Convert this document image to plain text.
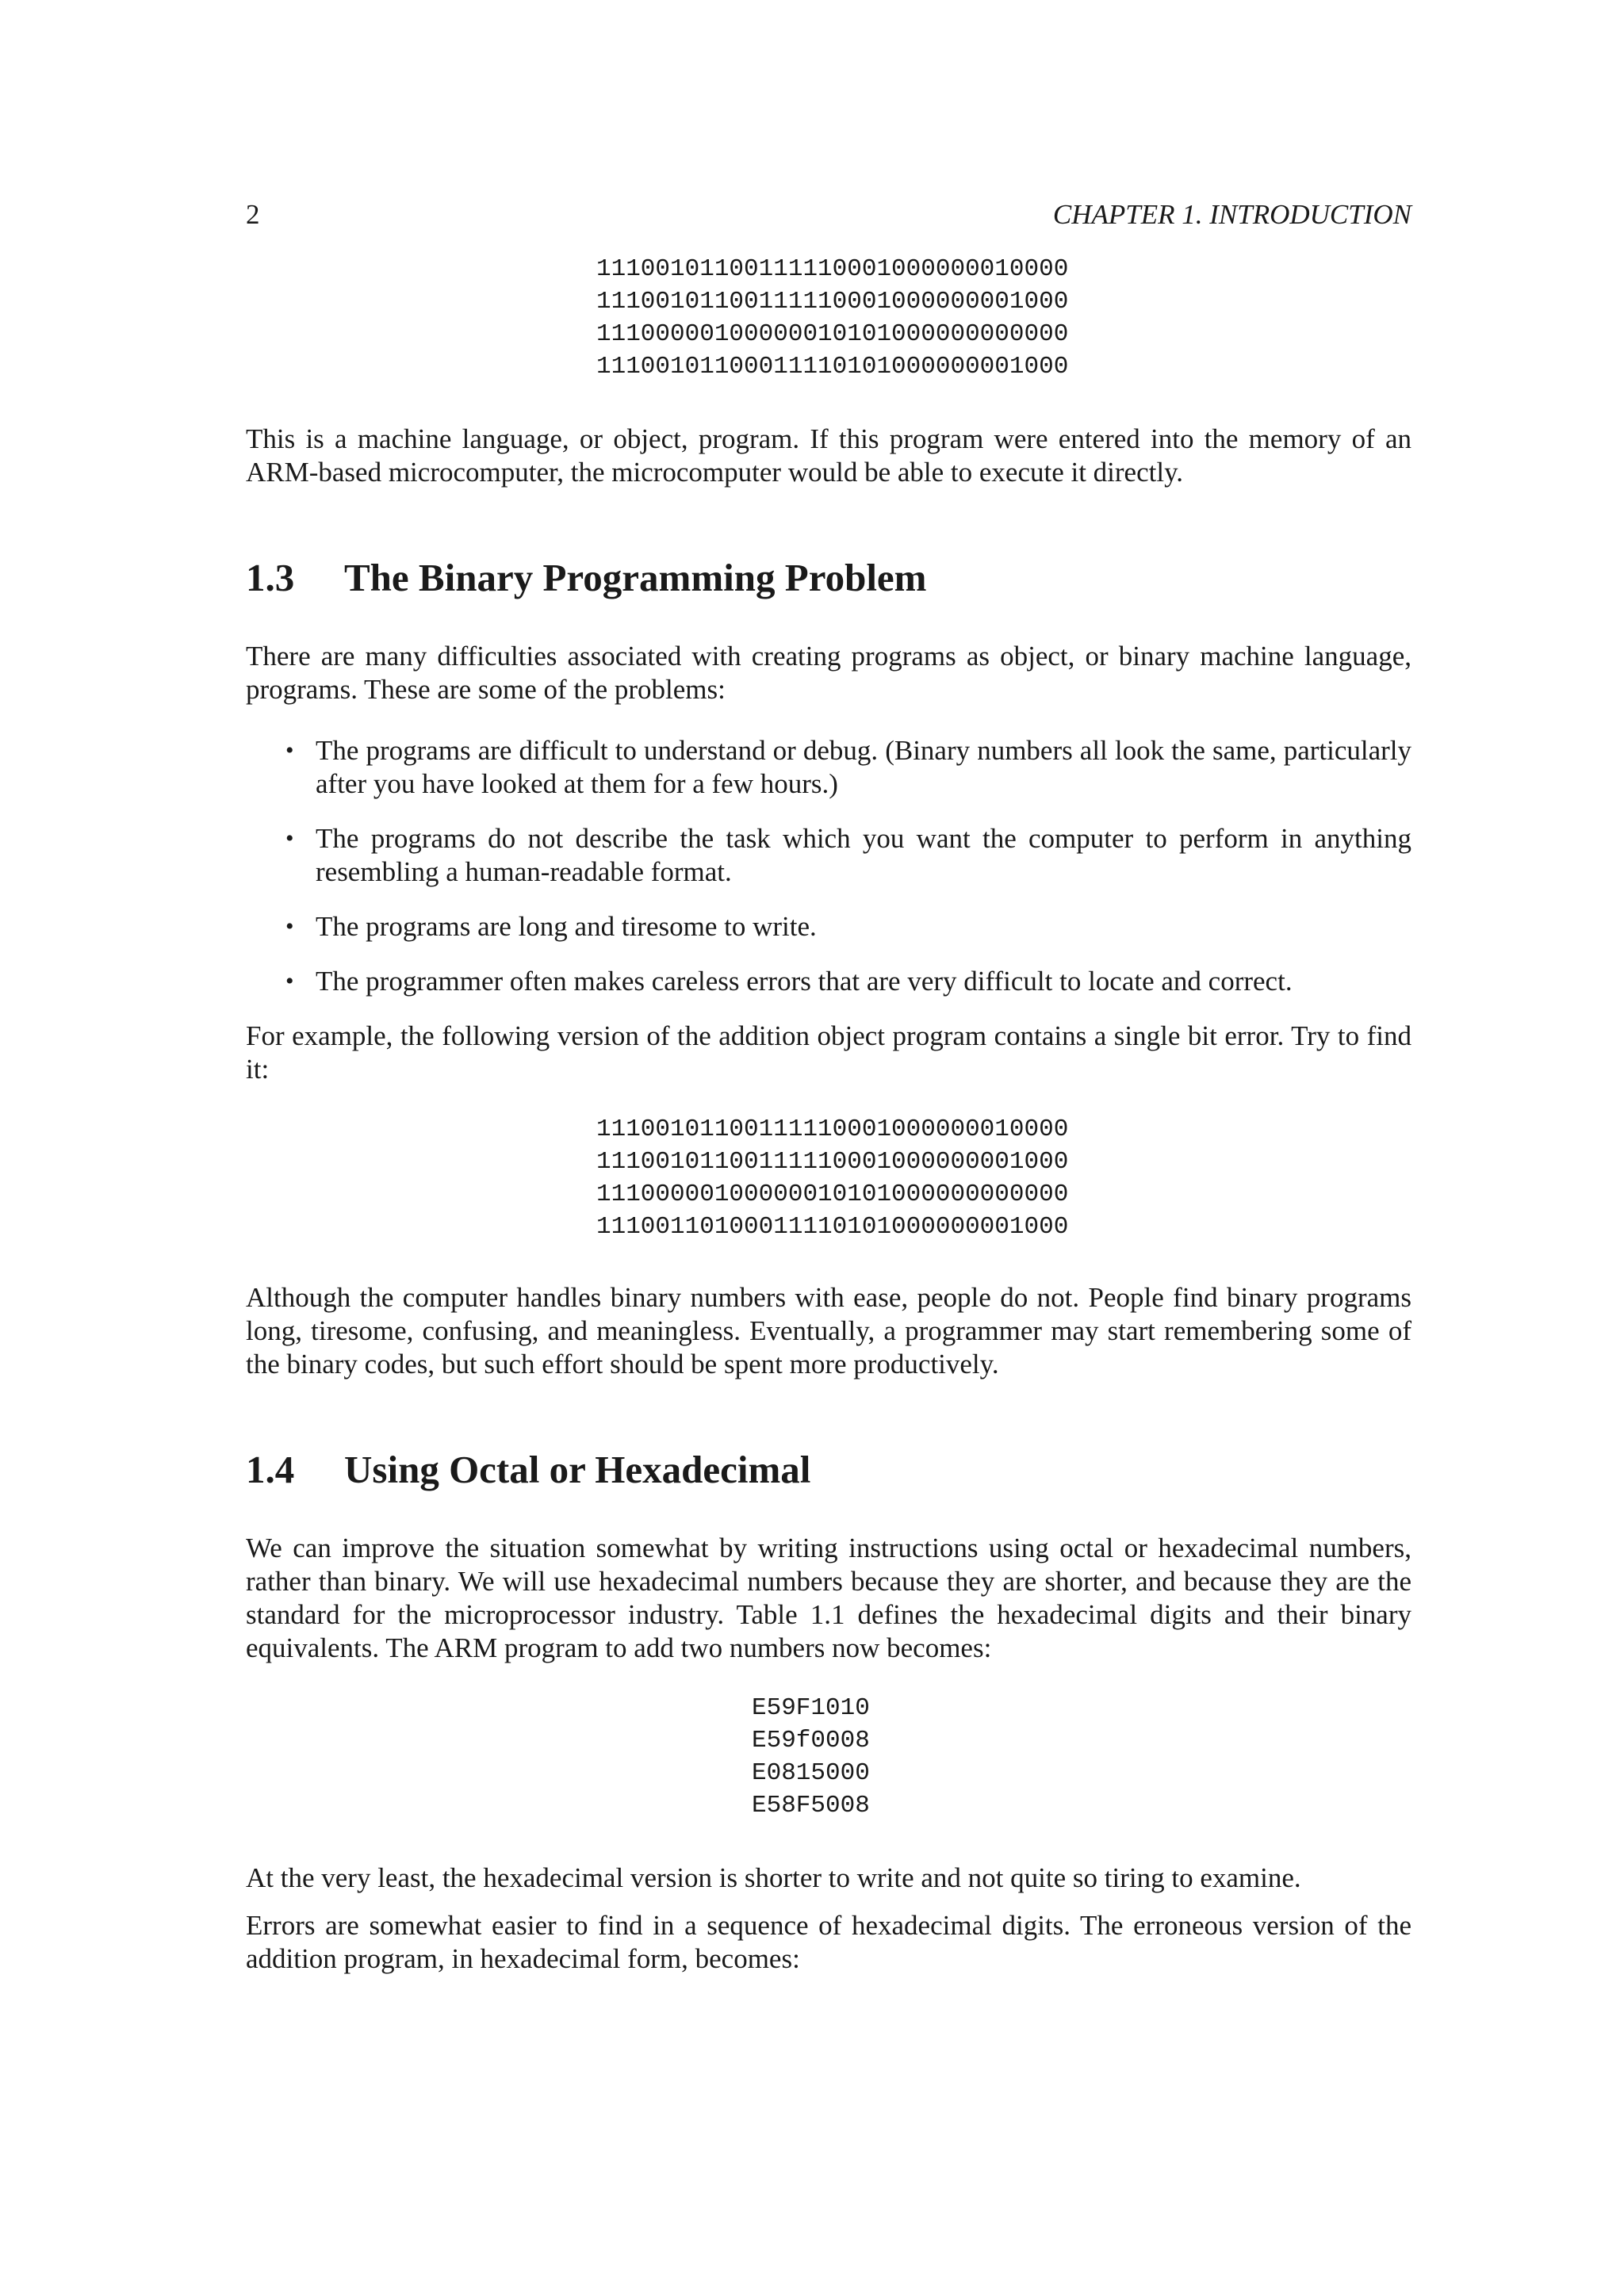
2	CHAPTER 1. INTRODUCTION
11100101100111110001000000010000
11100101100111110001000000001000
11100000100000010101000000000000
11100101100011110101000000001000

This is a machine language, or object, program. If this program were entered into the memory of an ARM-based microcomputer, the microcomputer would be able to execute it directly.

1.3 The Binary Programming Problem

There are many difficulties associated with creating programs as object, or binary machine language, programs. These are some of the problems:

• The programs are difficult to understand or debug. (Binary numbers all look the same, particularly after you have looked at them for a few hours.)
• The programs do not describe the task which you want the computer to perform in anything resembling a human-readable format.
• The programs are long and tiresome to write.
• The programmer often makes careless errors that are very difficult to locate and correct.

For example, the following version of the addition object program contains a single bit error. Try to find it:

11100101100111110001000000010000
11100101100111110001000000001000
11100000100000010101000000000000
11100110100011110101000000001000

Although the computer handles binary numbers with ease, people do not. People find binary programs long, tiresome, confusing, and meaningless. Eventually, a programmer may start remembering some of the binary codes, but such effort should be spent more productively.

1.4 Using Octal or Hexadecimal

We can improve the situation somewhat by writing instructions using octal or hexadecimal numbers, rather than binary. We will use hexadecimal numbers because they are shorter, and because they are the standard for the microprocessor industry. Table 1.1 defines the hexadecimal digits and their binary equivalents. The ARM program to add two numbers now becomes:

E59F1010
E59f0008
E0815000
E58F5008

At the very least, the hexadecimal version is shorter to write and not quite so tiring to examine.

Errors are somewhat easier to find in a sequence of hexadecimal digits. The erroneous version of the addition program, in hexadecimal form, becomes:
